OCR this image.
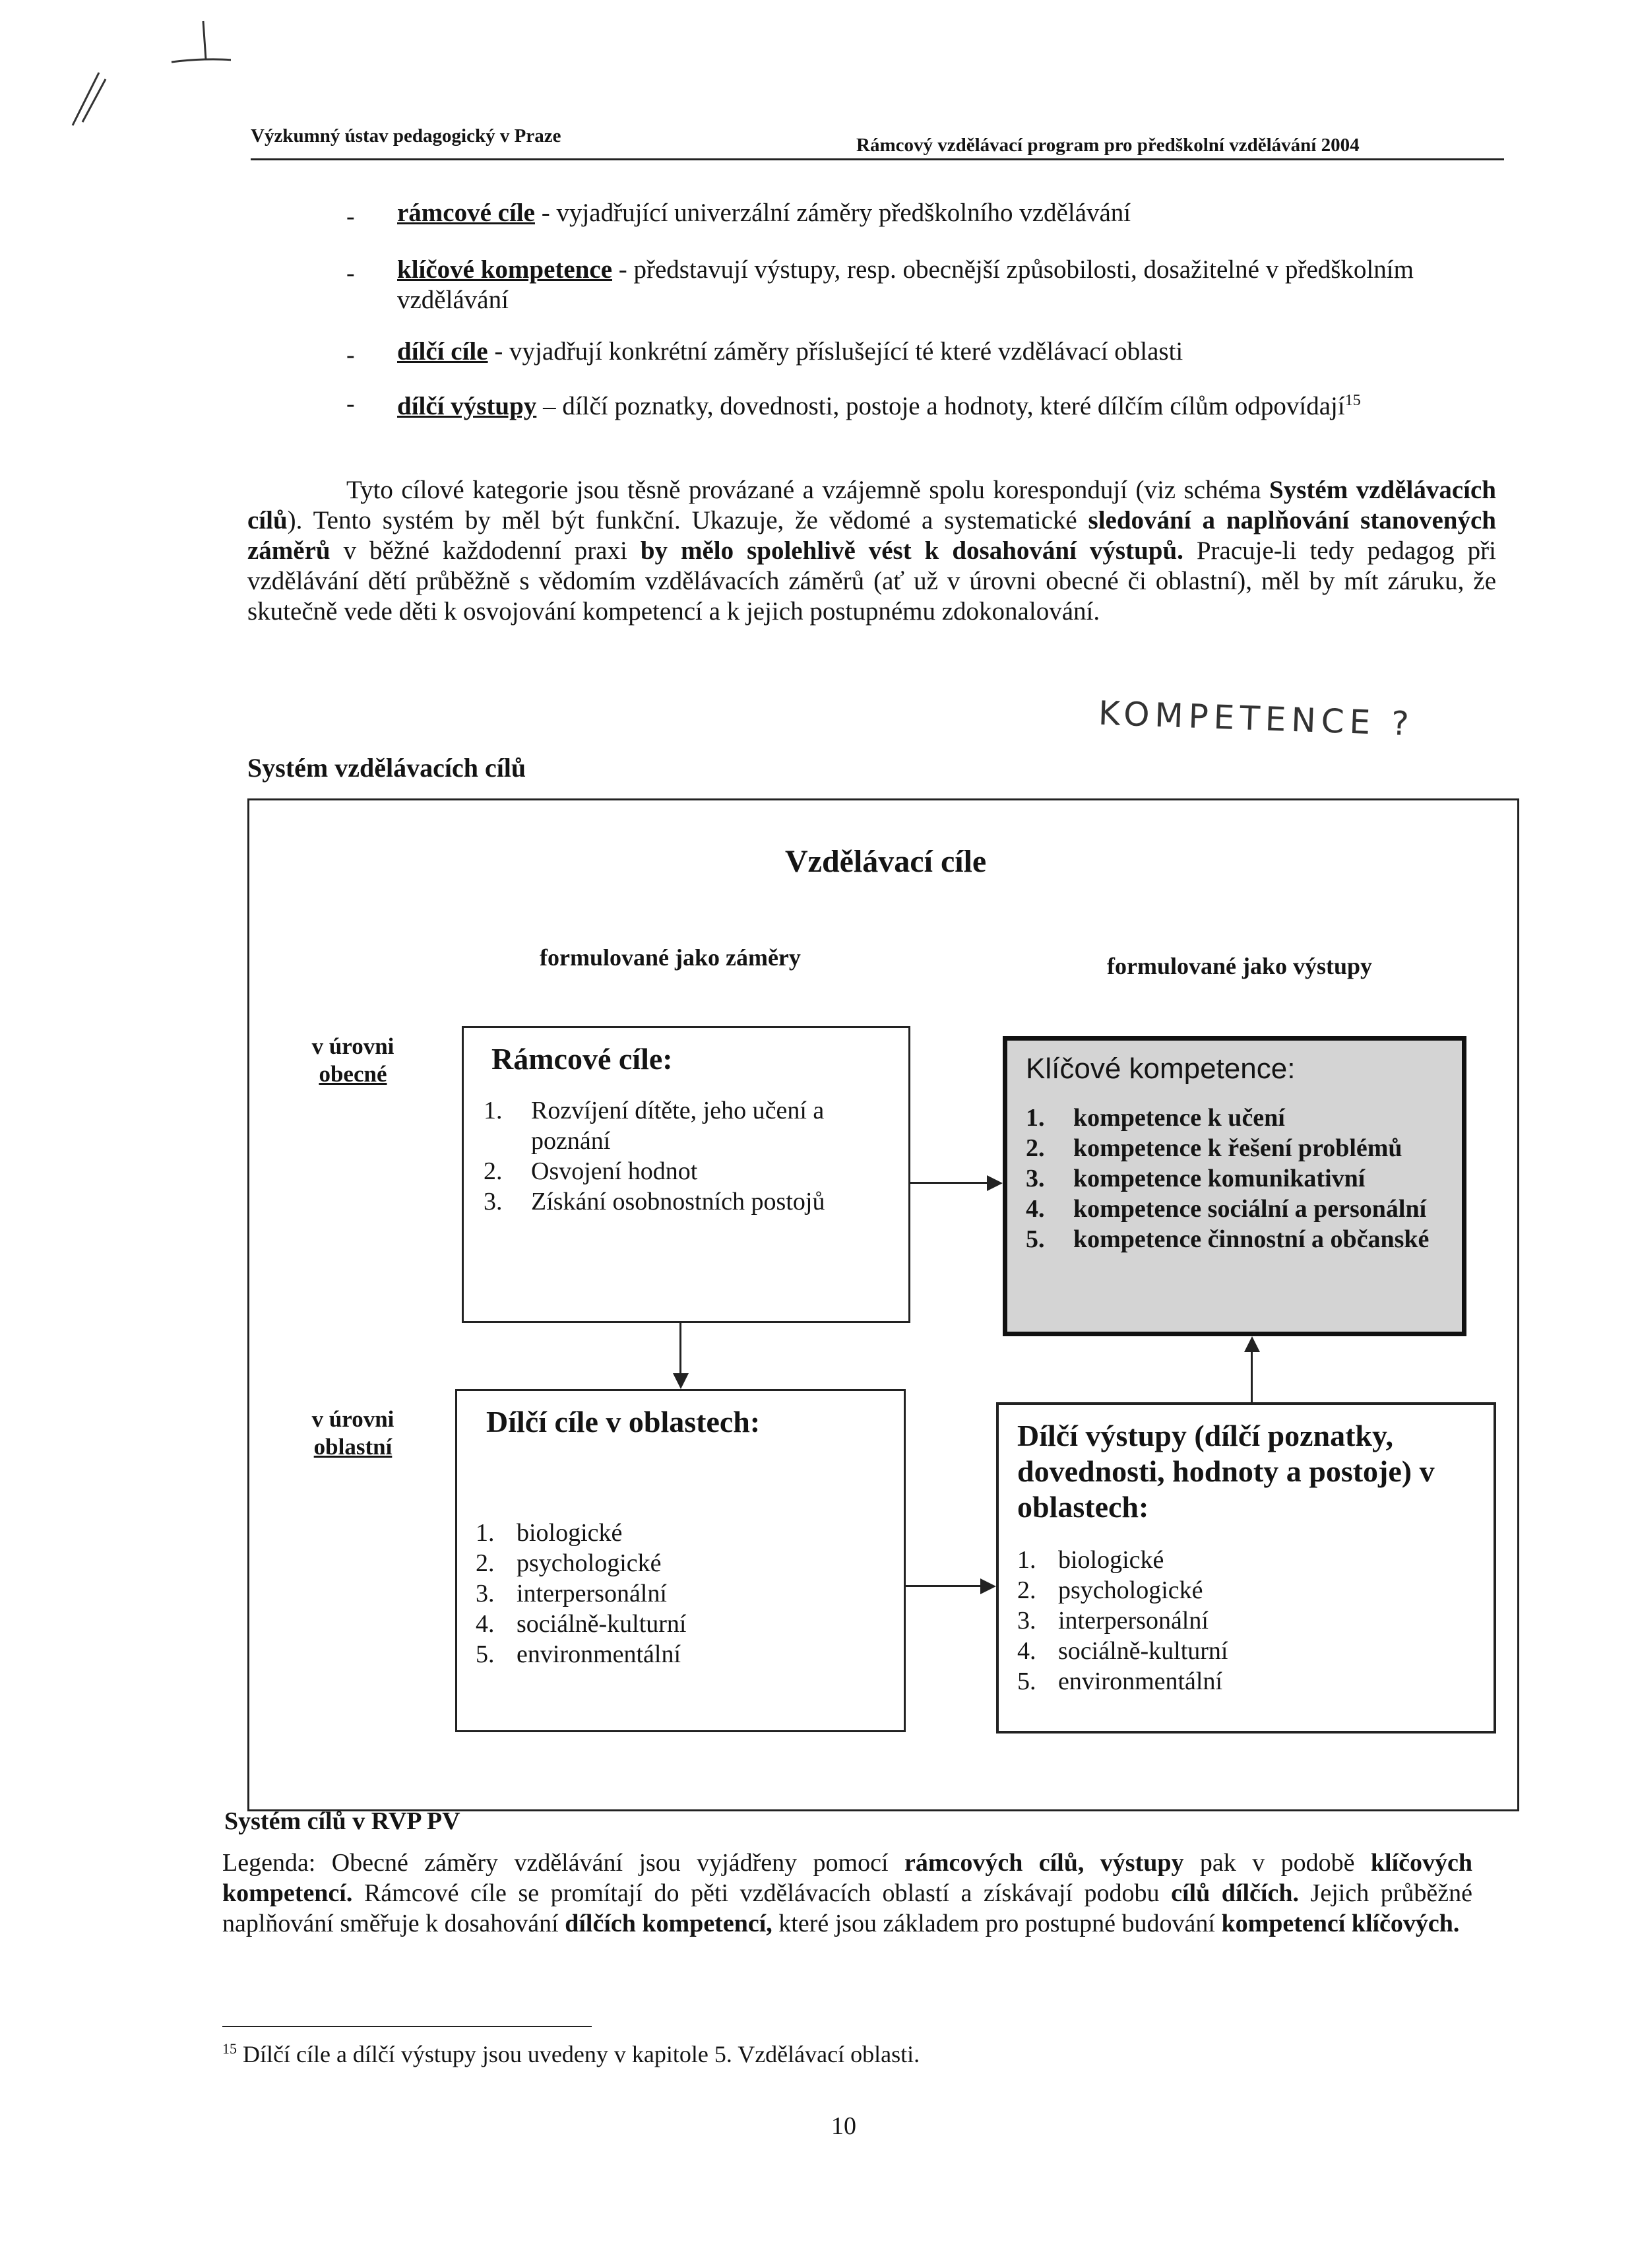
Výzkumný ústav pedagogický v Praze	Rámcový vzdělávací program pro předškolní vzdělávání 2004
- rámcové cíle - vyjadřující univerzální záměry předškolního vzdělávání
- klíčové kompetence - představují výstupy, resp. obecnější způsobilosti, dosažitelné v předškolním vzdělávání
- dílčí cíle - vyjadřují konkrétní záměry příslušející té které vzdělávací oblasti
- dílčí výstupy – dílčí poznatky, dovednosti, postoje a hodnoty, které dílčím cílům odpovídají$^{15}$
Tyto cílové kategorie jsou těsně provázané a vzájemně spolu korespondují (viz schéma Systém vzdělávacích cílů). Tento systém by měl být funkční. Ukazuje, že vědomé a systematické sledování a naplňování stanovených záměrů v běžné každodenní praxi by mělo spolehlivě vést k dosahování výstupů. Pracuje-li tedy pedagog při vzdělávání dětí průběžně s vědomím vzdělávacích záměrů (ať už v úrovni obecné či oblastní), měl by mít záruku, že skutečně vede děti k osvojování kompetencí a k jejich postupnému zdokonalování.
KOMPETENCE ?
Systém vzdělávacích cílů
Vzdělávací cíle
formulované jako záměry	formulované jako výstupy
v úrovni
obecné
v úrovni
oblastní
Rámcové cíle:
1.	Rozvíjení dítěte, jeho učení a poznání
2.	Osvojení hodnot
3.	Získání osobnostních postojů
Klíčové kompetence:
1.	kompetence k učení
2.	kompetence k řešení problémů
3.	kompetence komunikativní
4.	kompetence sociální a personální
5.	kompetence činnostní a občanské
Dílčí cíle v oblastech:
1. biologické
2. psychologické
3. interpersonální
4. sociálně-kulturní
5. environmentální
Dílčí výstupy (dílčí poznatky, dovednosti, hodnoty a postoje) v oblastech:
1. biologické
2. psychologické
3. interpersonální
4. sociálně-kulturní
5. environmentální
Systém cílů v RVP PV
Legenda: Obecné záměry vzdělávání jsou vyjádřeny pomocí rámcových cílů, výstupy pak v podobě klíčových kompetencí. Rámcové cíle se promítají do pěti vzdělávacích oblastí a získávají podobu cílů dílčích. Jejich průběžné naplňování směřuje k dosahování dílčích kompetencí, které jsou základem pro postupné budování kompetencí klíčových.
$^{15}$ Dílčí cíle a dílčí výstupy jsou uvedeny v kapitole 5. Vzdělávací oblasti.
10
